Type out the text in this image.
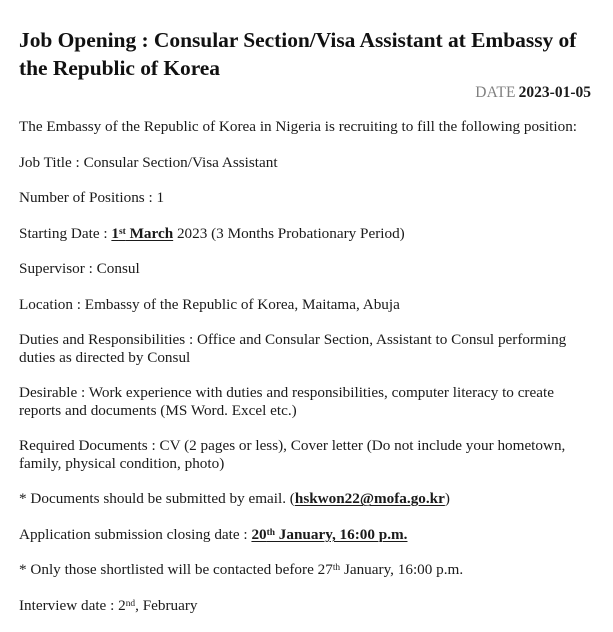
Job Opening : Consular Section/Visa Assistant at Embassy of the Republic of Korea
DATE 2023-01-05

The Embassy of the Republic of Korea in Nigeria is recruiting to fill the following position:

Job Title : Consular Section/Visa Assistant

Number of Positions : 1

Starting Date : 1st March 2023 (3 Months Probationary Period)

Supervisor : Consul

Location : Embassy of the Republic of Korea, Maitama, Abuja

Duties and Responsibilities : Office and Consular Section, Assistant to Consul performing duties as directed by Consul

Desirable : Work experience with duties and responsibilities, computer literacy to create reports and documents (MS Word. Excel etc.)

Required Documents : CV (2 pages or less), Cover letter (Do not include your hometown, family, physical condition, photo)

* Documents should be submitted by email. (hskwon22@mofa.go.kr)

Application submission closing date : 20th January, 16:00 p.m.

* Only those shortlisted will be contacted before 27th January, 16:00 p.m.

Interview date : 2nd, February
